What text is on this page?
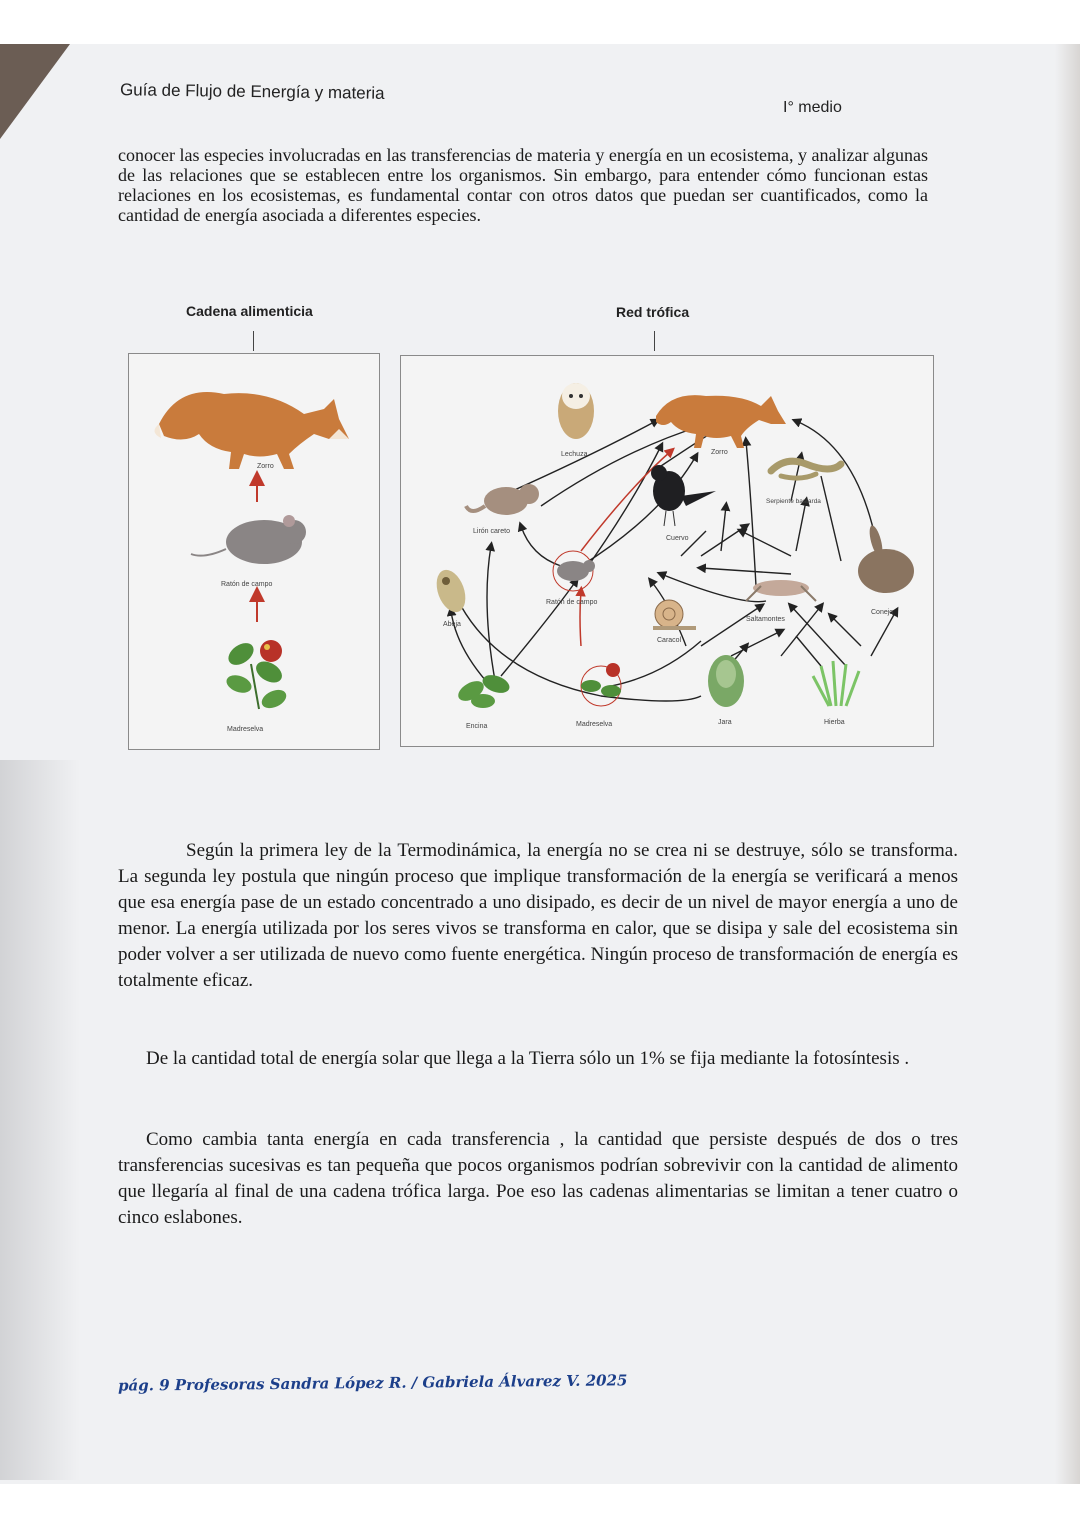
Guía de Flujo de Energía y materia
I° medio

conocer las especies involucradas en las transferencias de materia y energía en un ecosistema, y analizar algunas de las relaciones que se establecen entre los organismos. Sin embargo, para entender cómo funcionan estas relaciones en los ecosistemas, es fundamental contar con otros datos que puedan ser cuantificados, como la cantidad de energía asociada a diferentes especies.

Cadena alimenticia	Red trófica
Zorro
Ratón de campo
Madreselva
Lechuza	Zorro
Serpiente bastarda
Cuervo
Lirón careto
Abeja
Ratón de campo
Caracol
Saltamontes
Conejo
Encina	Madreselva	Jara	Hierba
Según la primera ley de la Termodinámica, la energía no se crea ni se destruye, sólo se transforma. La segunda ley postula que ningún proceso que implique transformación de la energía se verificará a menos que esa energía pase de un estado concentrado a uno disipado, es decir de un nivel de mayor energía a uno de menor. La energía utilizada por los seres vivos se transforma en calor, que se disipa y sale del ecosistema sin poder volver a ser utilizada de nuevo como fuente energética. Ningún proceso de transformación de energía es totalmente eficaz.
De la cantidad total de energía solar que llega a la Tierra sólo un 1% se fija mediante la fotosíntesis .
Como cambia tanta energía en cada transferencia , la cantidad que persiste después de dos o tres transferencias sucesivas es tan pequeña que pocos organismos podrían sobrevivir con la cantidad de alimento que llegaría al final de una cadena trófica larga. Poe eso las cadenas alimentarias se limitan a tener cuatro o cinco eslabones.
pág. 9 Profesoras Sandra López R. / Gabriela Álvarez V. 2025
